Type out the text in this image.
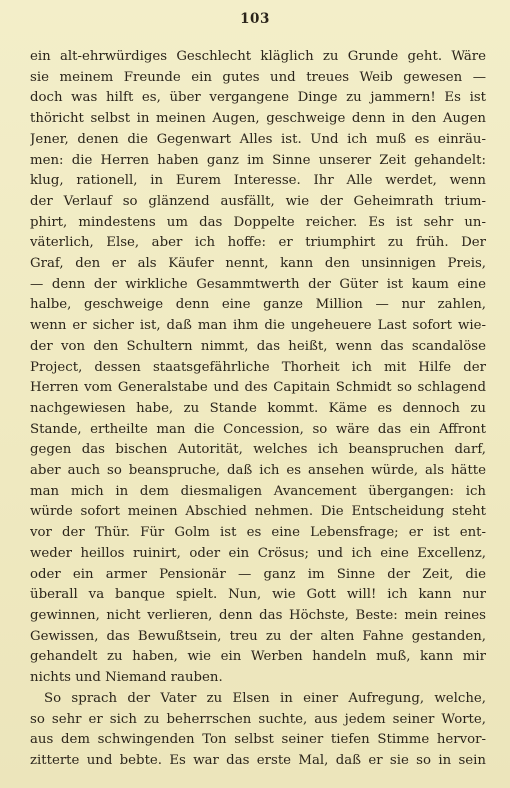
103
ein alt-ehrwürdiges Geschlecht kläglich zu Grunde geht. Wäre
sie meinem Freunde ein gutes und treues Weib gewesen —
doch was hilft es, über vergangene Dinge zu jammern! Es ist
thöricht selbst in meinen Augen, geschweige denn in den Augen
Jener, denen die Gegenwart Alles ist. Und ich muß es einräu-
men: die Herren haben ganz im Sinne unserer Zeit gehandelt:
klug, rationell, in Eurem Interesse. Ihr Alle werdet, wenn
der Verlauf so glänzend ausfällt, wie der Geheimrath trium-
phirt, mindestens um das Doppelte reicher. Es ist sehr un-
väterlich, Else, aber ich hoffe: er triumphirt zu früh. Der
Graf, den er als Käufer nennt, kann den unsinnigen Preis,
— denn der wirkliche Gesammtwerth der Güter ist kaum eine
halbe, geschweige denn eine ganze Million — nur zahlen,
wenn er sicher ist, daß man ihm die ungeheuere Last sofort wie-
der von den Schultern nimmt, das heißt, wenn das scandalöse
Project, dessen staatsgefährliche Thorheit ich mit Hilfe der
Herren vom Generalstabe und des Capitain Schmidt so schlagend
nachgewiesen habe, zu Stande kommt. Käme es dennoch zu
Stande, ertheilte man die Concession, so wäre das ein Affront
gegen das bischen Autorität, welches ich beanspruchen darf,
aber auch so beanspruche, daß ich es ansehen würde, als hätte
man mich in dem diesmaligen Avancement übergangen: ich
würde sofort meinen Abschied nehmen. Die Entscheidung steht
vor der Thür. Für Golm ist es eine Lebensfrage; er ist ent-
weder heillos ruinirt, oder ein Crösus; und ich eine Excellenz,
oder ein armer Pensionär — ganz im Sinne der Zeit, die
überall va banque spielt. Nun, wie Gott will! ich kann nur
gewinnen, nicht verlieren, denn das Höchste, Beste: mein reines
Gewissen, das Bewußtsein, treu zu der alten Fahne gestanden,
gehandelt zu haben, wie ein Werben handeln muß, kann mir
nichts und Niemand rauben.
So sprach der Vater zu Elsen in einer Aufregung, welche,
so sehr er sich zu beherrschen suchte, aus jedem seiner Worte,
aus dem schwingenden Ton selbst seiner tiefen Stimme hervor-
zitterte und bebte. Es war das erste Mal, daß er sie so in sein
